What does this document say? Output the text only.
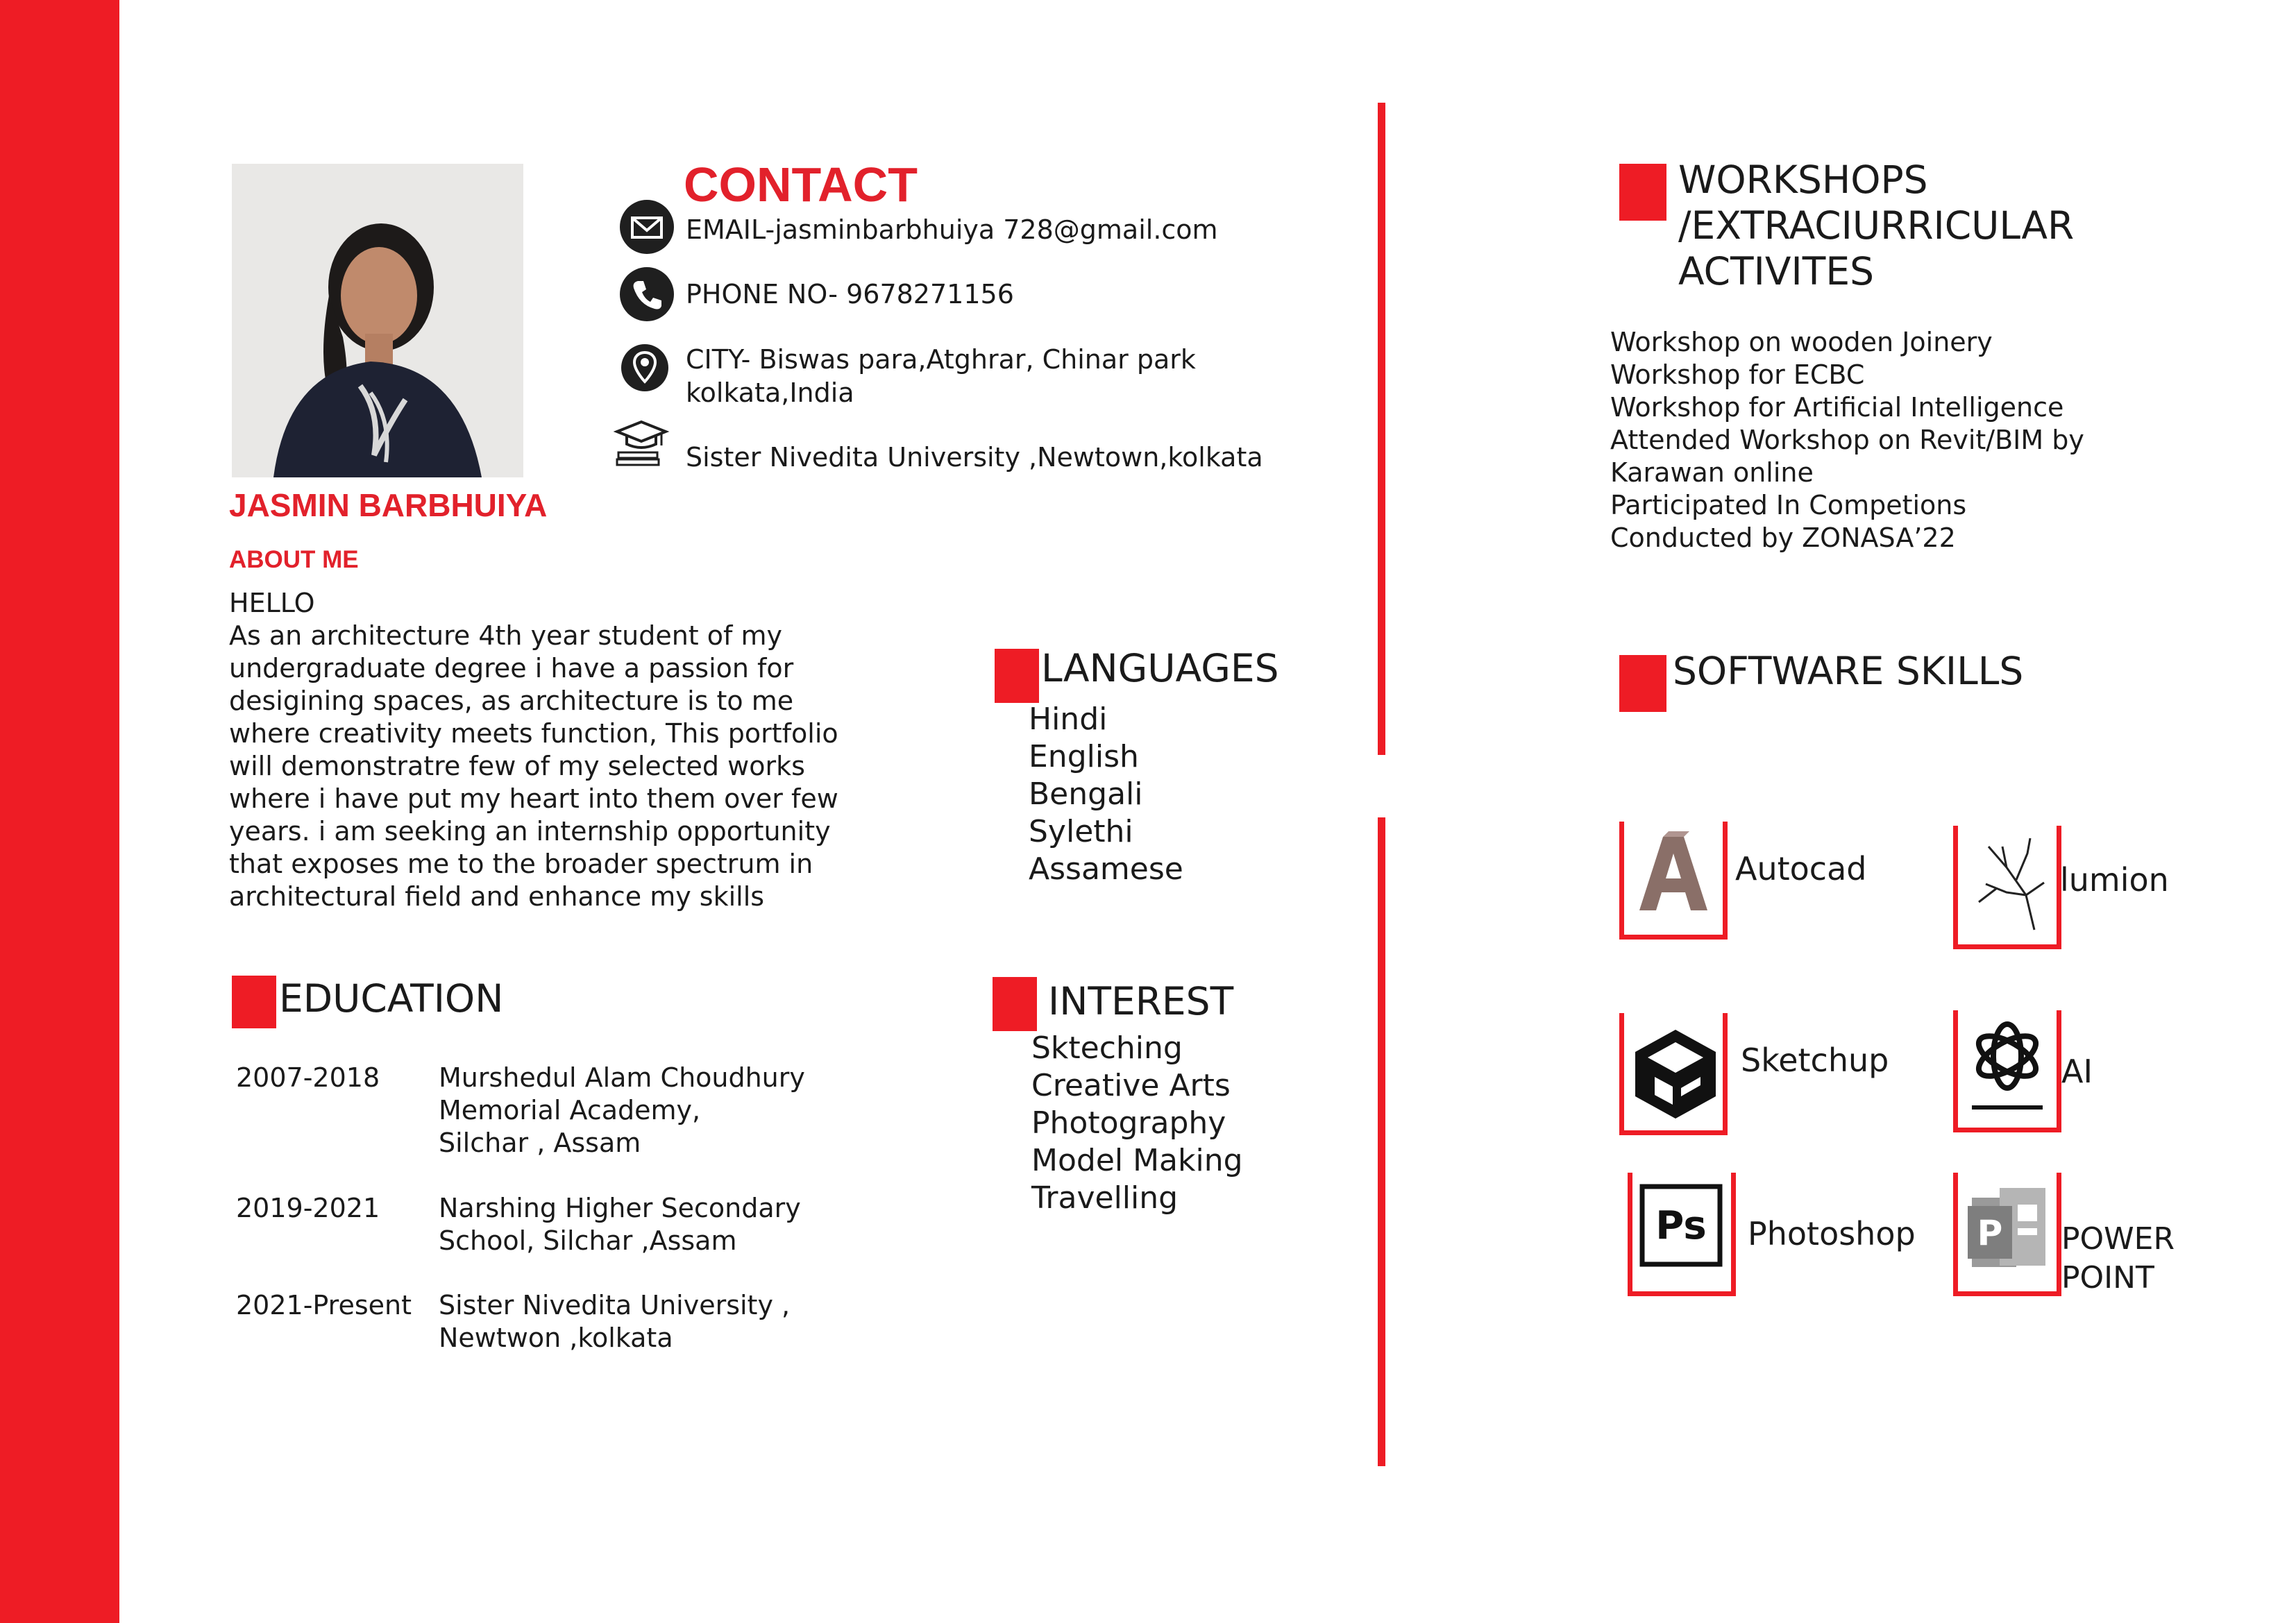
JASMIN BARBHUIYA
ABOUT ME
HELLO
As an architecture 4th year student of my
undergraduate degree i have a passion for
desigining spaces, as architecture is to me
where creativity meets function, This portfolio
will demonstratre few of my selected works
where i have put my heart into them over few
years. i am seeking an internship opportunity
that exposes me to the broader spectrum in
architectural field and enhance my skills
CONTACT
EMAIL-jasminbarbhuiya 728@gmail.com
PHONE NO- 9678271156
CITY- Biswas para,Atghrar, Chinar park
kolkata,India
Sister Nivedita University ,Newtown,kolkata
EDUCATION
2007-2018 Murshedul Alam Choudhury
Memorial Academy,
Silchar , Assam
2019-2021 Narshing Higher Secondary
School, Silchar ,Assam
2021-Present Sister Nivedita University ,
Newtwon ,kolkata
LANGUAGES
Hindi
English
Bengali
Sylethi
Assamese
INTEREST
Skteching
Creative Arts
Photography
Model Making
Travelling
WORKSHOPS
/EXTRACIURRICULAR
ACTIVITES
Workshop on wooden Joinery
Workshop for ECBC
Workshop for Artificial Intelligence
Attended Workshop on Revit/BIM by
Karawan online
Participated In Competions
Conducted by ZONASA’22
SOFTWARE SKILLS
Autocad	lumion
Sketchup	AI
Ps Photoshop P POWER
POINT
